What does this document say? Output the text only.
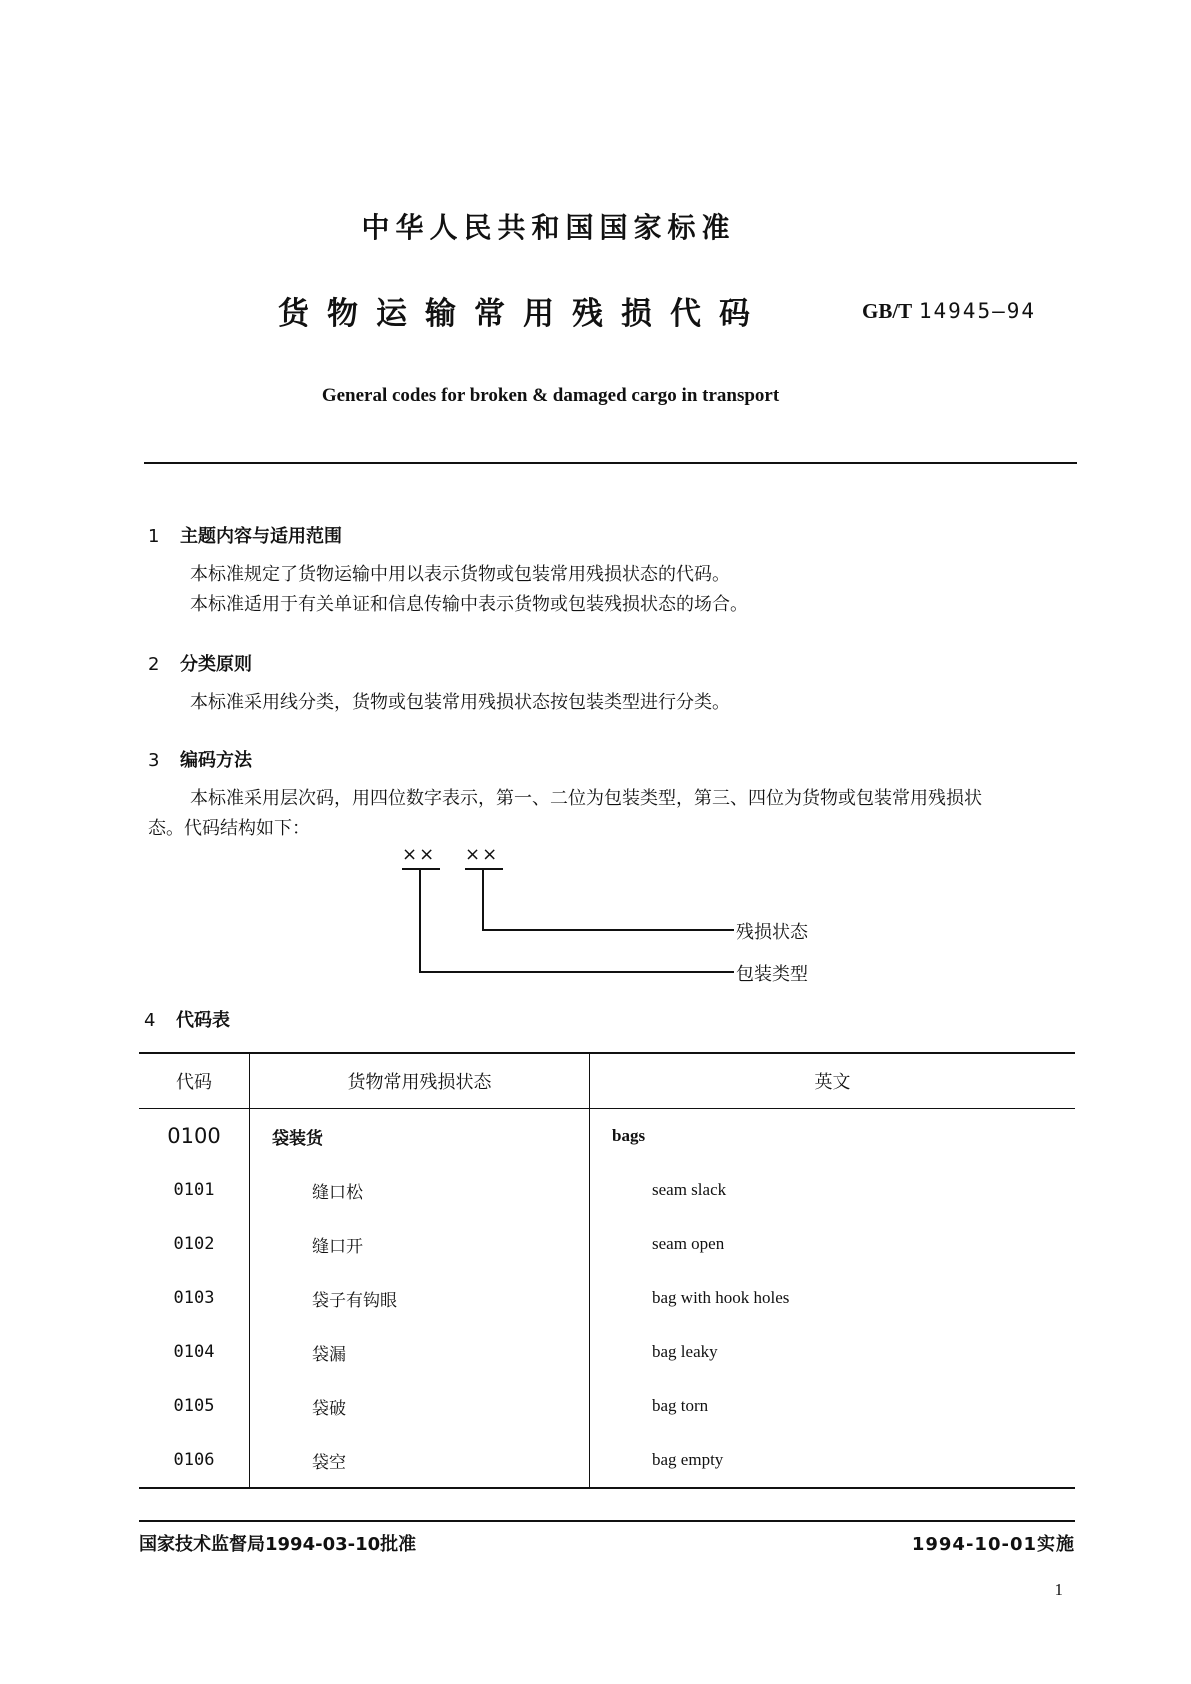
中华人民共和国国家标准
货物运输常用残损代码	GB/T 14945—94
General codes for broken & damaged cargo in transport
1 主题内容与适用范围
本标准规定了货物运输中用以表示货物或包装常用残损状态的代码。
本标准适用于有关单证和信息传输中表示货物或包装残损状态的场合。
2 分类原则
本标准采用线分类，货物或包装常用残损状态按包装类型进行分类。
3 编码方法
本标准采用层次码，用四位数字表示，第一、二位为包装类型，第三、四位为货物或包装常用残损状
态。代码结构如下：
×× ××
残损状态
包装类型
4 代码表
代码	货物常用残损状态	英文
0100	袋装货	bags
0101	缝口松	seam slack
0102	缝口开	seam open
0103	袋子有钩眼	bag with hook holes
0104	袋漏	bag leaky
0105	袋破	bag torn
0106	袋空	bag empty
国家技术监督局1994-03-10批准	1994-10-01实施
1
